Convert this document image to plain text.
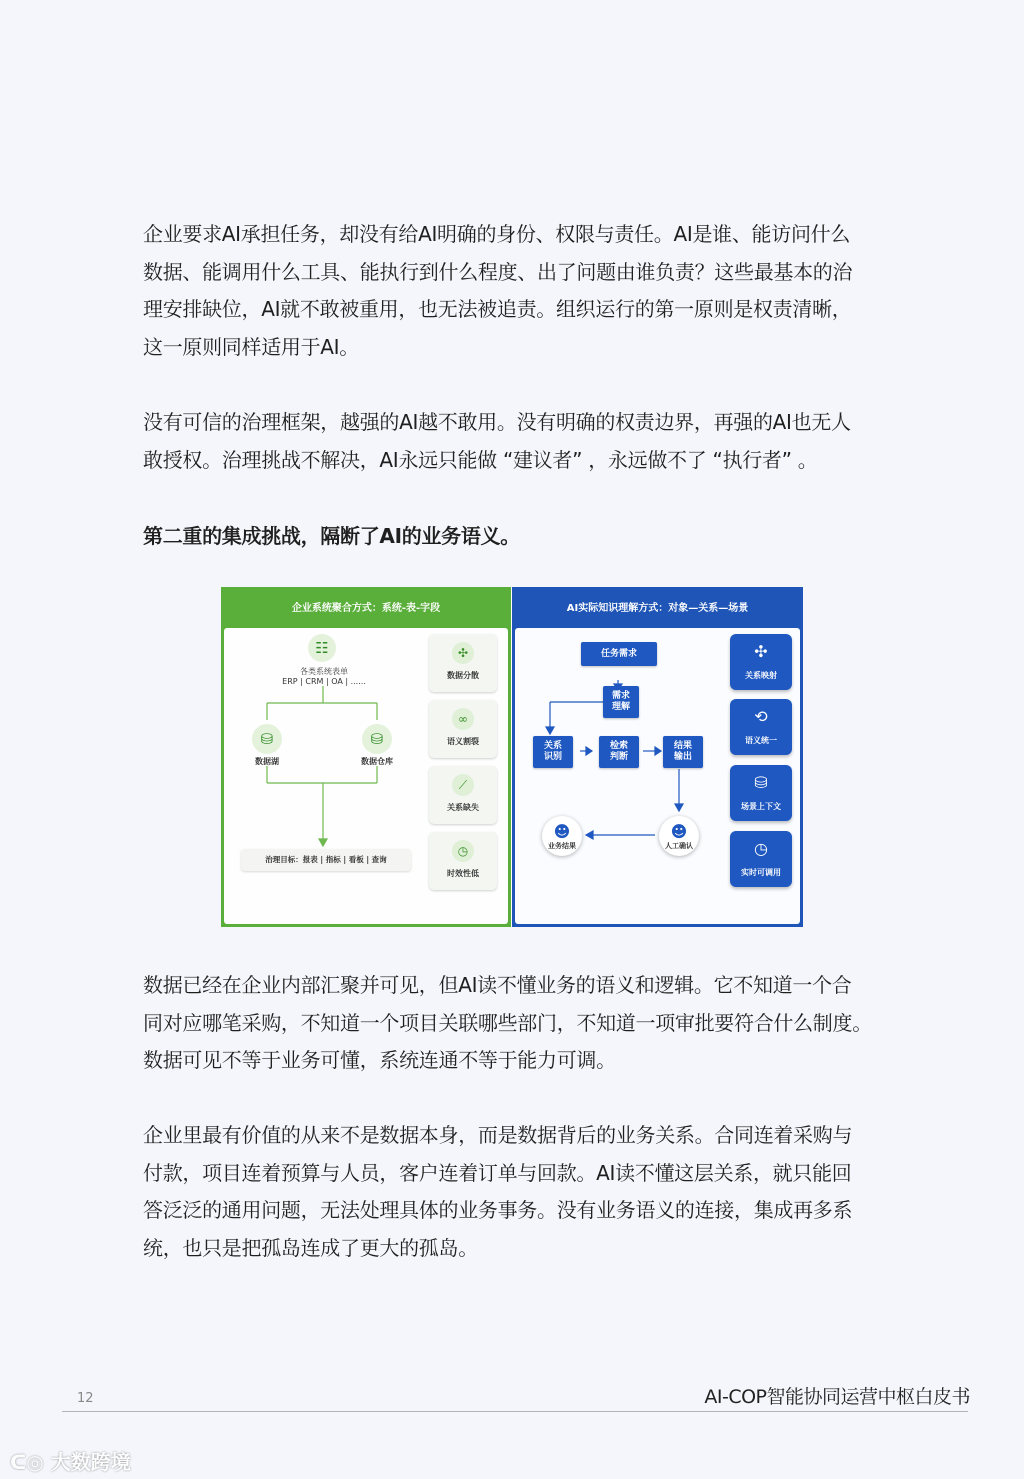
企业要求AI承担任务，却没有给AI明确的身份、权限与责任。AI是谁、能访问什么
数据、能调用什么工具、能执行到什么程度、出了问题由谁负责？这些最基本的治
理安排缺位，AI就不敢被重用，也无法被追责。组织运行的第一原则是权责清晰，
这一原则同样适用于AI。
没有可信的治理框架，越强的AI越不敢用。没有明确的权责边界，再强的AI也无人
敢授权。治理挑战不解决，AI永远只能做 “建议者” ，永远做不了 “执行者” 。
第二重的集成挑战，隔断了AI的业务语义。
企业系统聚合方式：系统-表-字段
☷
各类系统表单
ERP | CRM | OA | ......
⛁
数据湖
⛁
数据仓库
治理目标：报表 | 指标 | 看板 | 查询
✣
数据分散
∞
语义割裂
⟋
关系缺失
◷
时效性低
AI实际知识理解方式：对象—关系—场景
任务需求
需求
理解
关系
识别
检索
判断
结果
输出
☻
人工确认
☻
业务结果
✣
关系映射
⟲
语义统一
⛁
场景上下文
◷
实时可调用
数据已经在企业内部汇聚并可见，但AI读不懂业务的语义和逻辑。它不知道一个合
同对应哪笔采购，不知道一个项目关联哪些部门，不知道一项审批要符合什么制度。
数据可见不等于业务可懂，系统连通不等于能力可调。
企业里最有价值的从来不是数据本身，而是数据背后的业务关系。合同连着采购与
付款，项目连着预算与人员，客户连着订单与回款。AI读不懂这层关系，就只能回
答泛泛的通用问题，无法处理具体的业务事务。没有业务语义的连接，集成再多系
统，也只是把孤岛连成了更大的孤岛。
12	AI-COP智能协同运营中枢白皮书
ᑕ◎ 大数跨境
